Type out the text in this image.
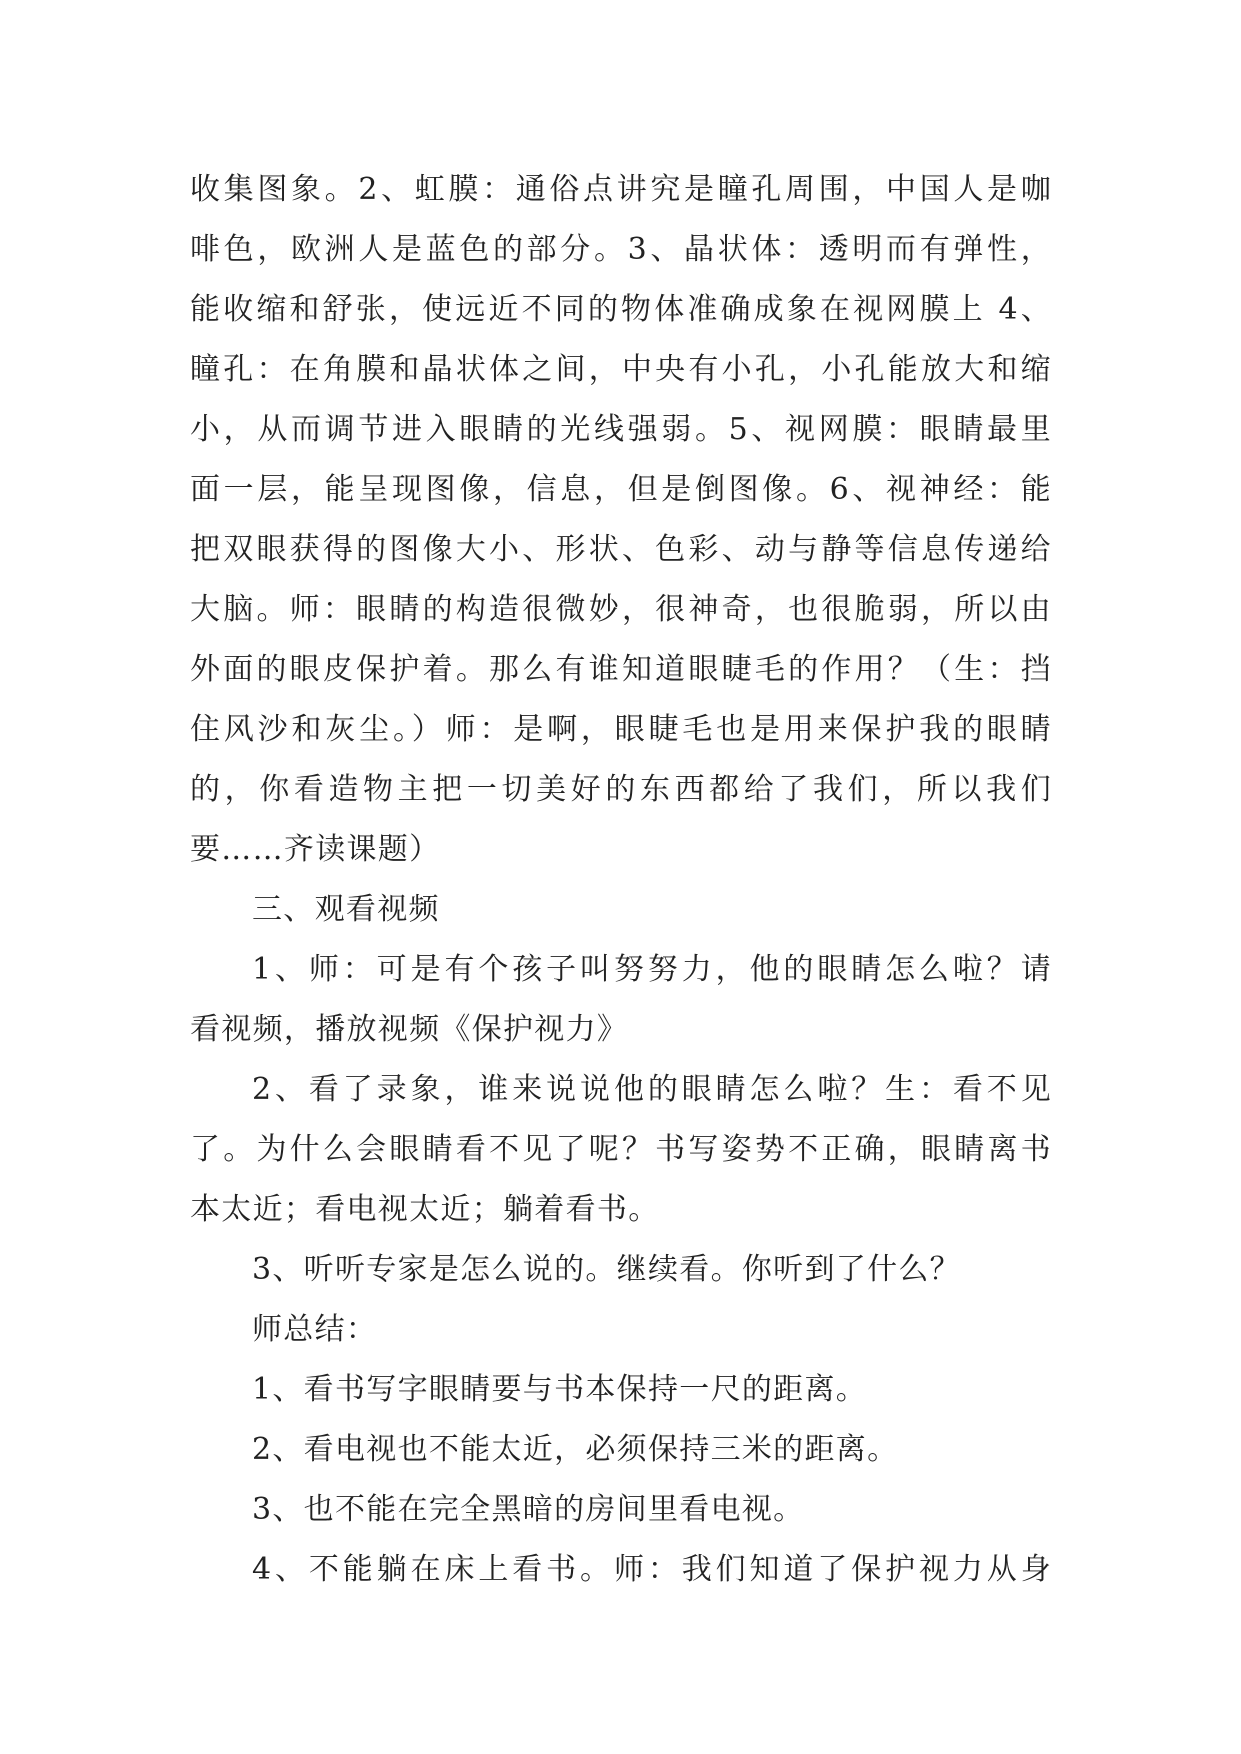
收集图象。2、虹膜：通俗点讲究是瞳孔周围，中国人是咖
啡色，欧洲人是蓝色的部分。3、晶状体：透明而有弹性，
能收缩和舒张，使远近不同的物体准确成象在视网膜上 4、
瞳孔：在角膜和晶状体之间，中央有小孔，小孔能放大和缩
小，从而调节进入眼睛的光线强弱。5、视网膜：眼睛最里
面一层，能呈现图像，信息，但是倒图像。6、视神经：能
把双眼获得的图像大小、形状、色彩、动与静等信息传递给
大脑。师：眼睛的构造很微妙，很神奇，也很脆弱，所以由
外面的眼皮保护着。那么有谁知道眼睫毛的作用？（生：挡
住风沙和灰尘。）师：是啊，眼睫毛也是用来保护我的眼睛
的，你看造物主把一切美好的东西都给了我们，所以我们
要……齐读课题）
三、观看视频
1、师：可是有个孩子叫努努力，他的眼睛怎么啦？请
看视频，播放视频《保护视力》
2、看了录象，谁来说说他的眼睛怎么啦？生：看不见
了。为什么会眼睛看不见了呢？书写姿势不正确，眼睛离书
本太近；看电视太近；躺着看书。
3、听听专家是怎么说的。继续看。你听到了什么？
师总结：
1、看书写字眼睛要与书本保持一尺的距离。
2、看电视也不能太近，必须保持三米的距离。
3、也不能在完全黑暗的房间里看电视。
4、不能躺在床上看书。师：我们知道了保护视力从身
